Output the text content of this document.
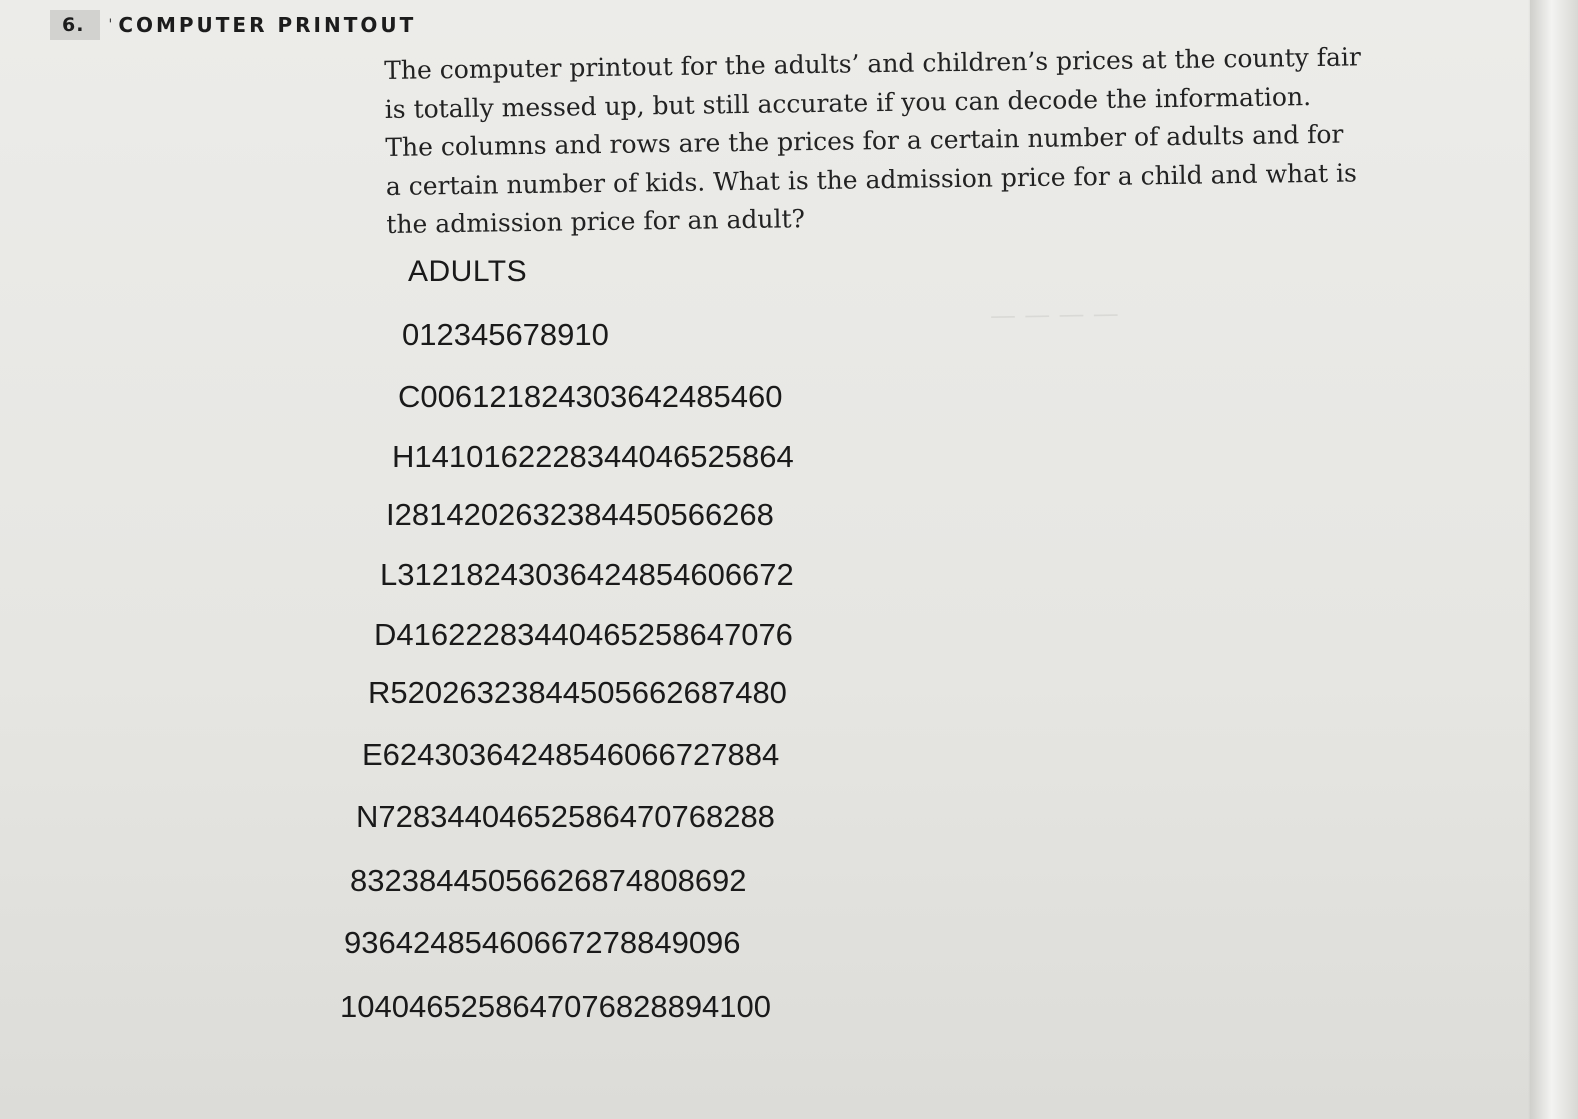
— — — —
6.	' COMPUTER PRINTOUT

The computer printout for the adults’ and children’s prices at the county fair is totally messed up, but still accurate if you can decode the information. The columns and rows are the prices for a certain number of adults and for a certain number of kids. What is the admission price for a child and what is the admission price for an adult?

ADULTS
012345678910
C00612182430364248546​0
H1410162228344046525864
I2814202632384450566268
L3121824303642485460667​2
D4162228344046525864707​6
R5202632384450566268748​0
E6243036424854606672788​4
N7283440465258647076828​8
8323844505662687480869​2
9364248546066727884909​6
10404652586470768288941​00
